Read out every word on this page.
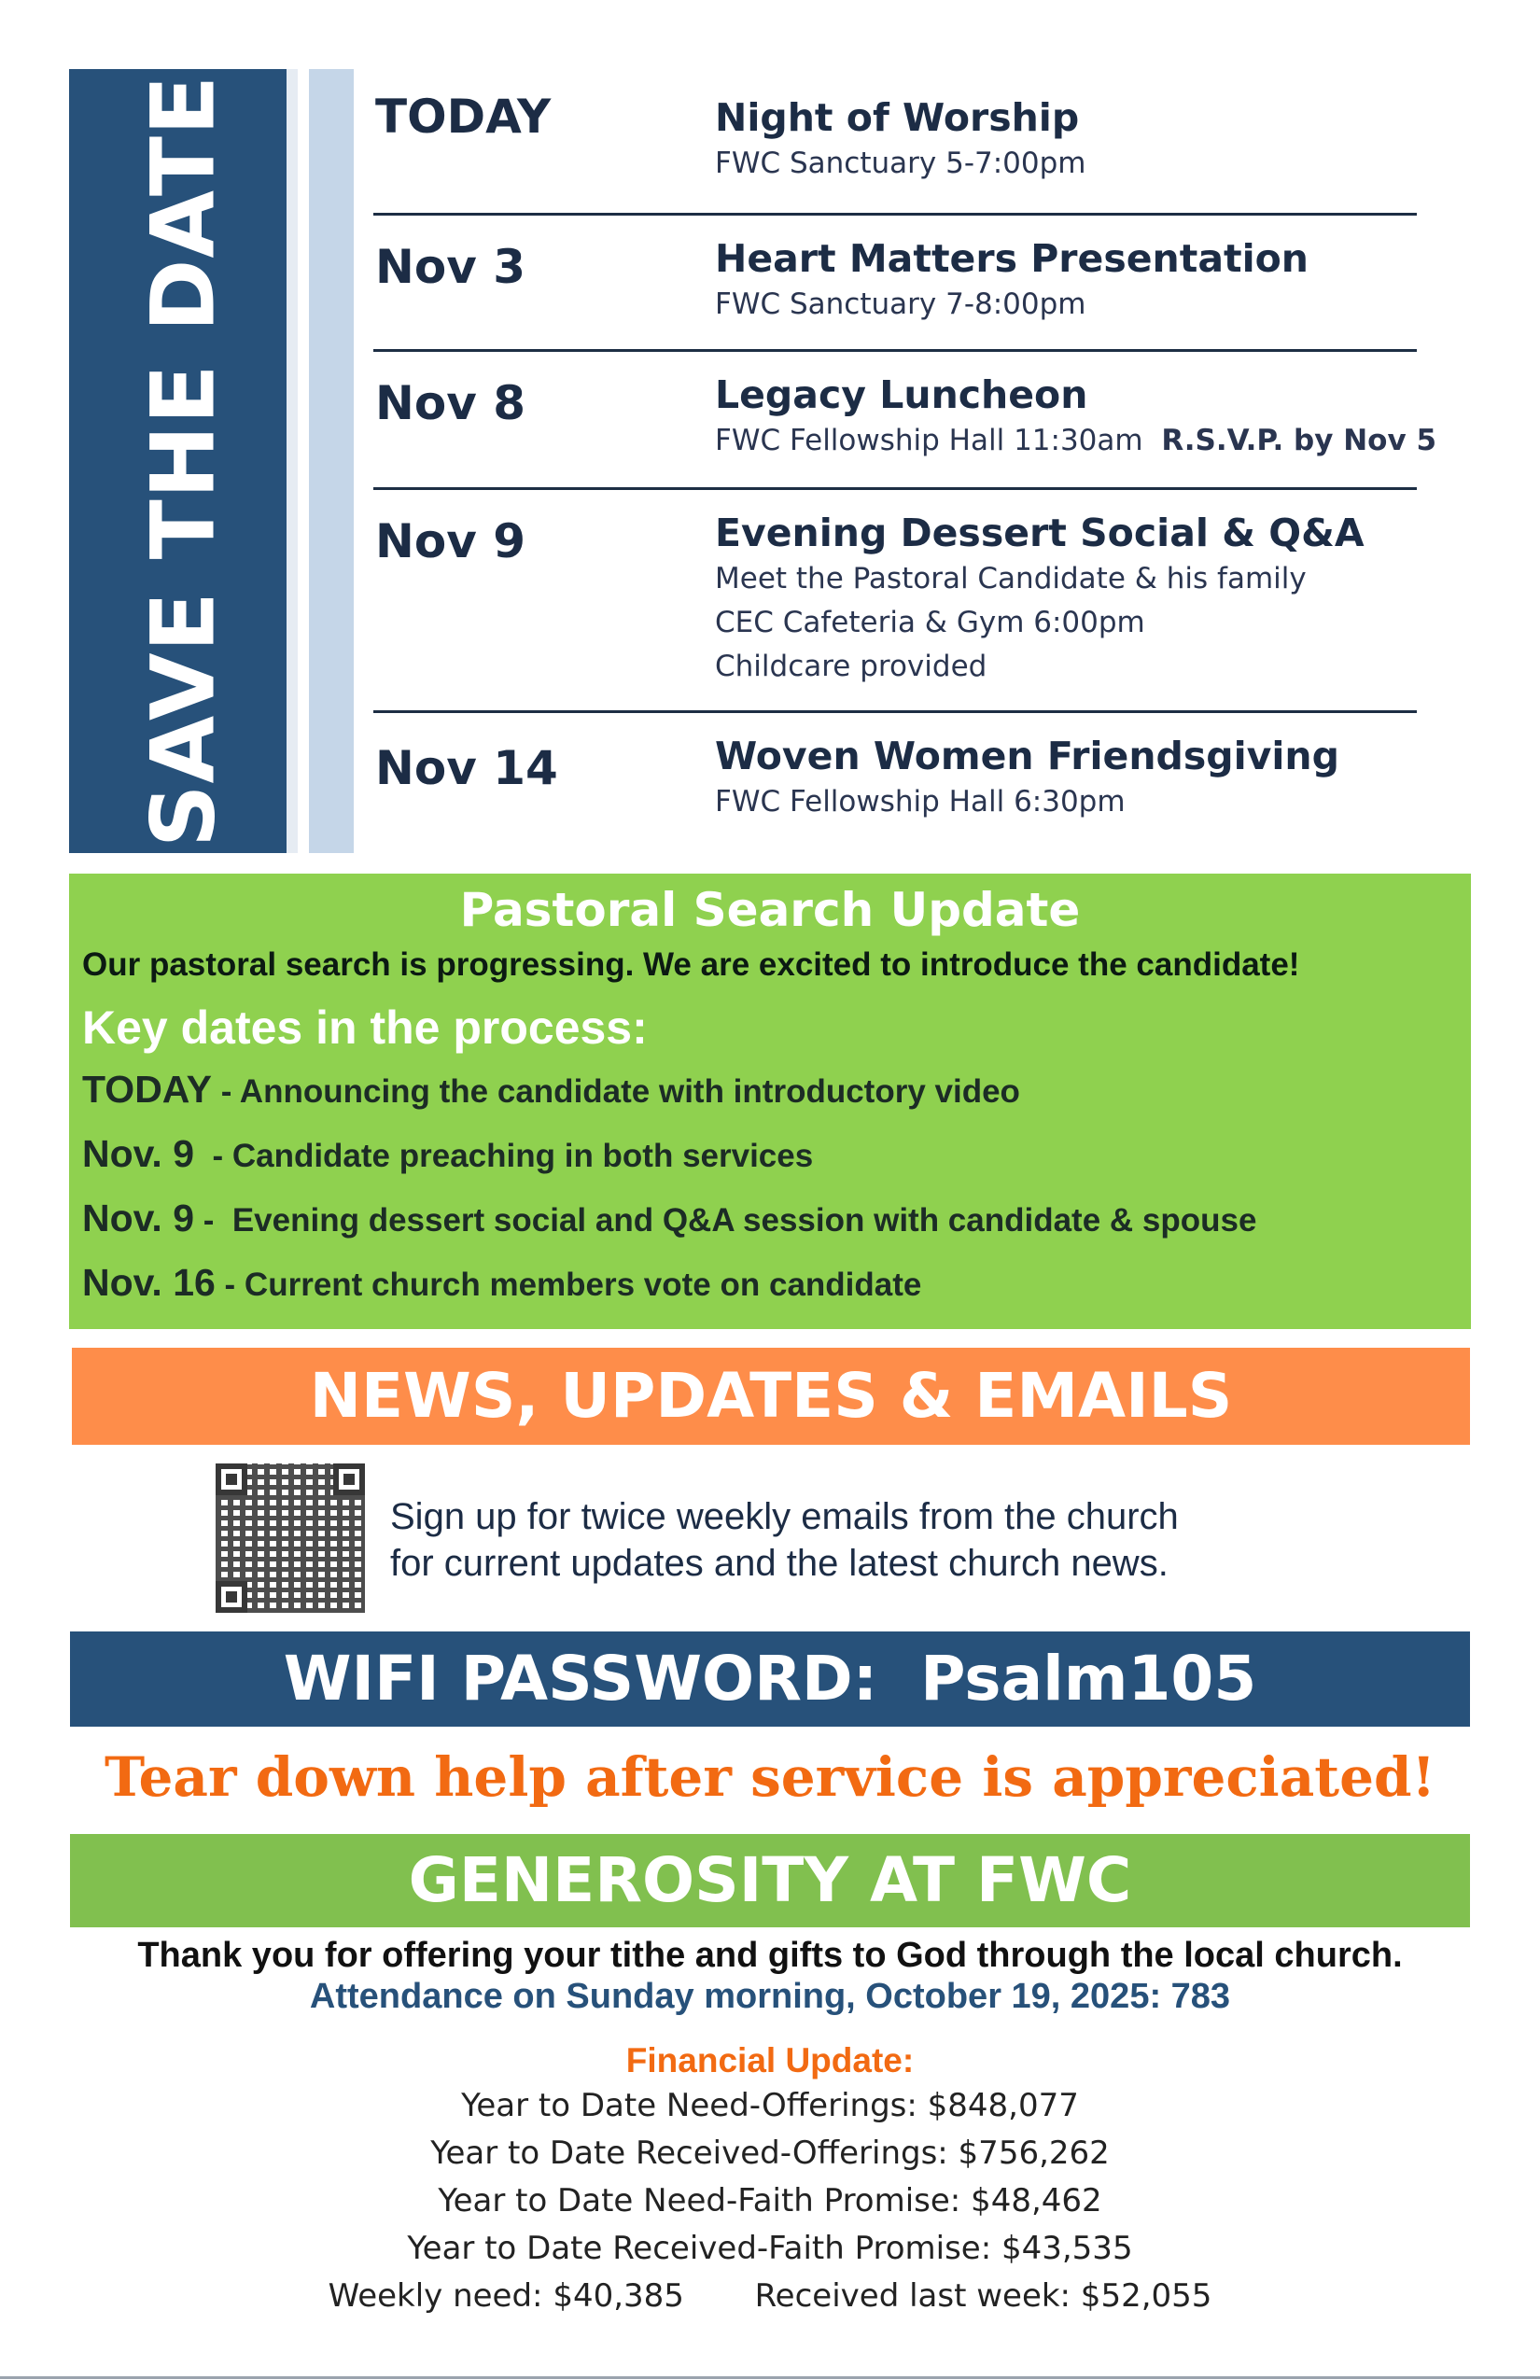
SAVE THE DATE	TODAY	Night of Worship
FWC Sanctuary 5-7:00pm
Nov 3	Heart Matters Presentation
FWC Sanctuary 7-8:00pm
Nov 8	Legacy Luncheon
FWC Fellowship Hall 11:30am R.S.V.P. by Nov 5
Nov 9	Evening Dessert Social & Q&A
Meet the Pastoral Candidate & his family
CEC Cafeteria & Gym 6:00pm
Childcare provided
Nov 14	Woven Women Friendsgiving
FWC Fellowship Hall 6:30pm
Pastoral Search Update
Our pastoral search is progressing. We are excited to introduce the candidate!
Key dates in the process:
TODAY - Announcing the candidate with introductory video
Nov. 9  - Candidate preaching in both services
Nov. 9 -  Evening dessert social and Q&A session with candidate & spouse
Nov. 16 - Current church members vote on candidate
NEWS, UPDATES & EMAILS
Sign up for twice weekly emails from the church
for current updates and the latest church news.
WIFI PASSWORD:  Psalm105
Tear down help after service is appreciated!
GENEROSITY AT FWC
Thank you for offering your tithe and gifts to God through the local church.
Attendance on Sunday morning, October 19, 2025: 783
Financial Update:
Year to Date Need-Offerings: $848,077
Year to Date Received-Offerings: $756,262
Year to Date Need-Faith Promise: $48,462
Year to Date Received-Faith Promise: $43,535
Weekly need: $40,385 Received last week: $52,055
